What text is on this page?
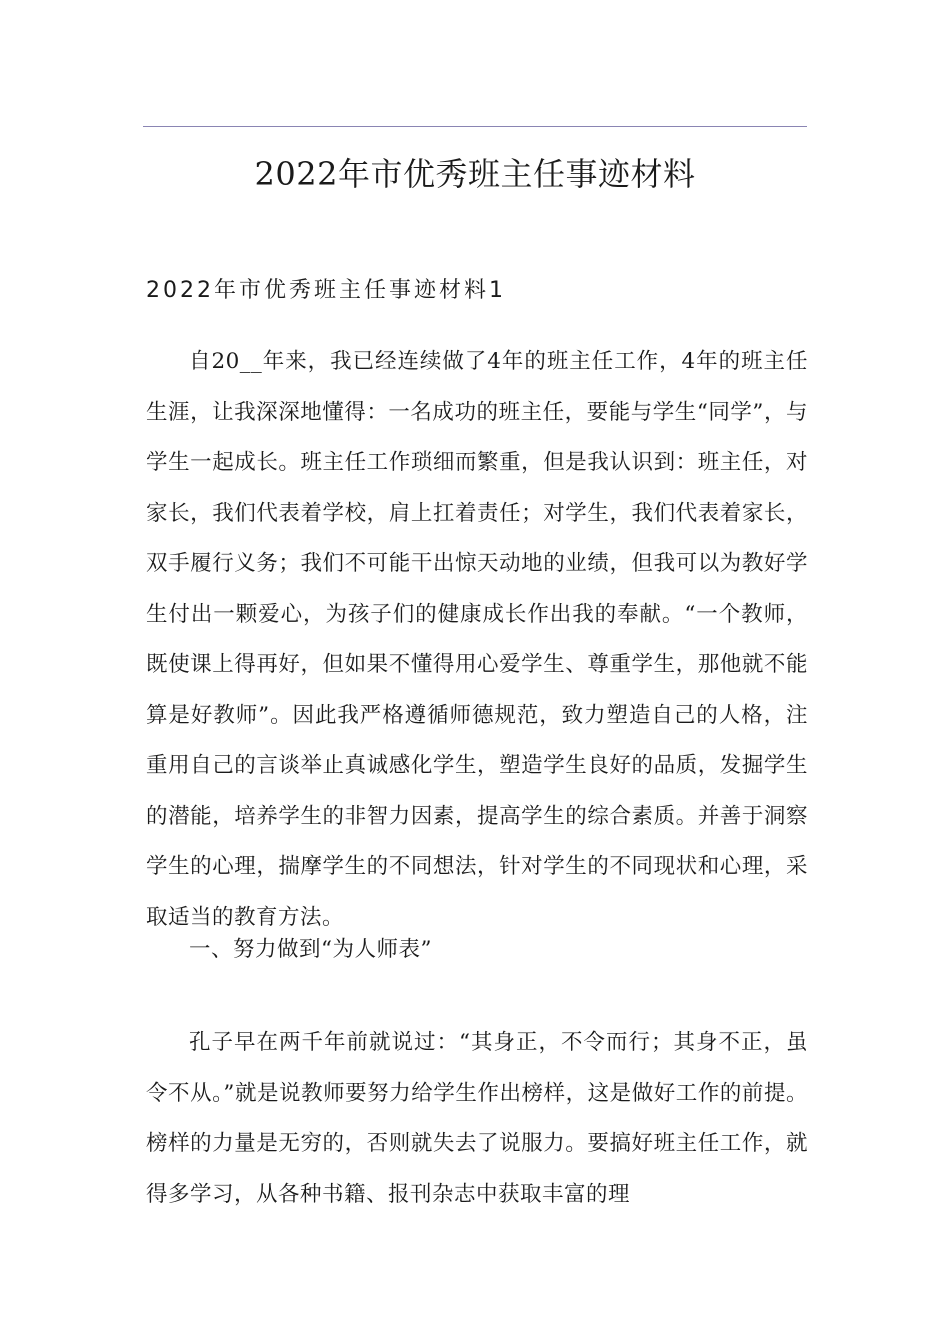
2022年市优秀班主任事迹材料
2022年市优秀班主任事迹材料1

自20__年来，我已经连续做了4年的班主任工作，4年的班主任生涯，让我深深地懂得：一名成功的班主任，要能与学生“同学”，与学生一起成长。班主任工作琐细而繁重，但是我认识到：班主任，对家长，我们代表着学校，肩上扛着责任；对学生，我们代表着家长，双手履行义务；我们不可能干出惊天动地的业绩，但我可以为教好学生付出一颗爱心，为孩子们的健康成长作出我的奉献。“一个教师，既使课上得再好，但如果不懂得用心爱学生、尊重学生，那他就不能算是好教师”。因此我严格遵循师德规范，致力塑造自己的人格，注重用自己的言谈举止真诚感化学生，塑造学生良好的品质，发掘学生的潜能，培养学生的非智力因素，提高学生的综合素质。并善于洞察学生的心理，揣摩学生的不同想法，针对学生的不同现状和心理，采取适当的教育方法。

一、努力做到“为人师表”

孔子早在两千年前就说过：“其身正，不令而行；其身不正，虽令不从。”就是说教师要努力给学生作出榜样，这是做好工作的前提。榜样的力量是无穷的，否则就失去了说服力。要搞好班主任工作，就得多学习，从各种书籍、报刊杂志中获取丰富的理
